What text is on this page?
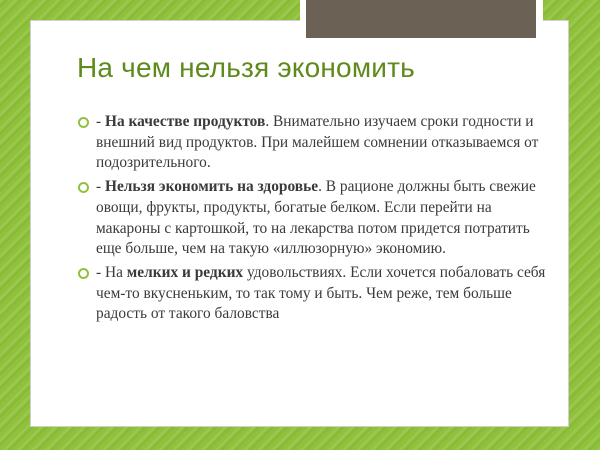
На чем нельзя экономить
- На качестве продуктов. Внимательно изучаем сроки годности и внешний вид продуктов. При малейшем сомнении отказываемся от подозрительного.
- Нельзя экономить на здоровье. В рационе должны быть свежие овощи, фрукты, продукты, богатые белком. Если перейти на макароны с картошкой, то на лекарства потом придется потратить еще больше, чем на такую «иллюзорную» экономию.
- На мелких и редких удовольствиях. Если хочется побаловать себя чем-то вкусненьким, то так тому и быть. Чем реже, тем больше радость от такого баловства
